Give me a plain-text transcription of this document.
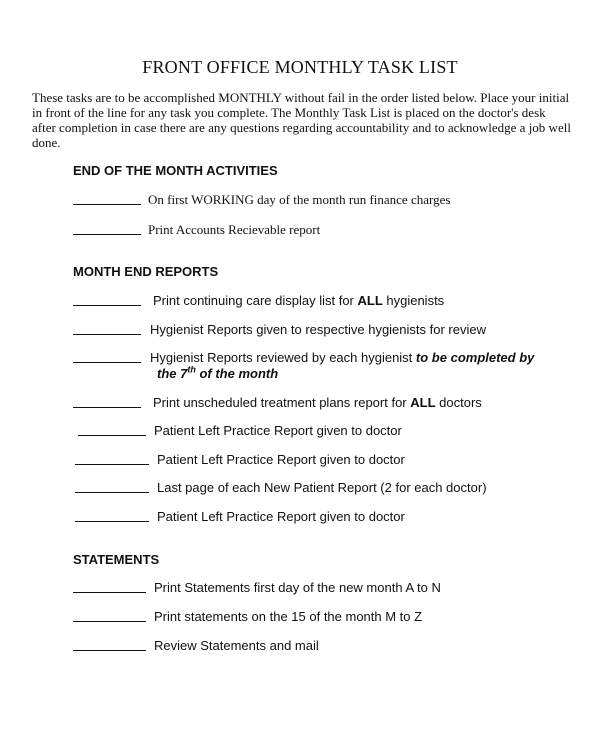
FRONT OFFICE MONTHLY TASK LIST
These tasks are to be accomplished MONTHLY without fail in the order listed below. Place your initial in front of the line for any task you complete. The Monthly Task List is placed on the doctor's desk after completion in case there are any questions regarding accountability and to acknowledge a job well done.
END OF THE MONTH ACTIVITIES
On first WORKING day of the month run finance charges
Print Accounts Recievable report
MONTH END REPORTS
Print continuing care display list for ALL hygienists
Hygienist Reports given to respective hygienists for review
Hygienist Reports reviewed by each hygienist to be completed by
the 7th of the month
Print unscheduled treatment plans report for ALL doctors
Patient Left Practice Report given to doctor
Patient Left Practice Report given to doctor
Last page of each New Patient Report (2 for each doctor)
Patient Left Practice Report given to doctor
STATEMENTS
Print Statements first day of the new month A to N
Print statements on the 15 of the month M to Z
Review Statements and mail
